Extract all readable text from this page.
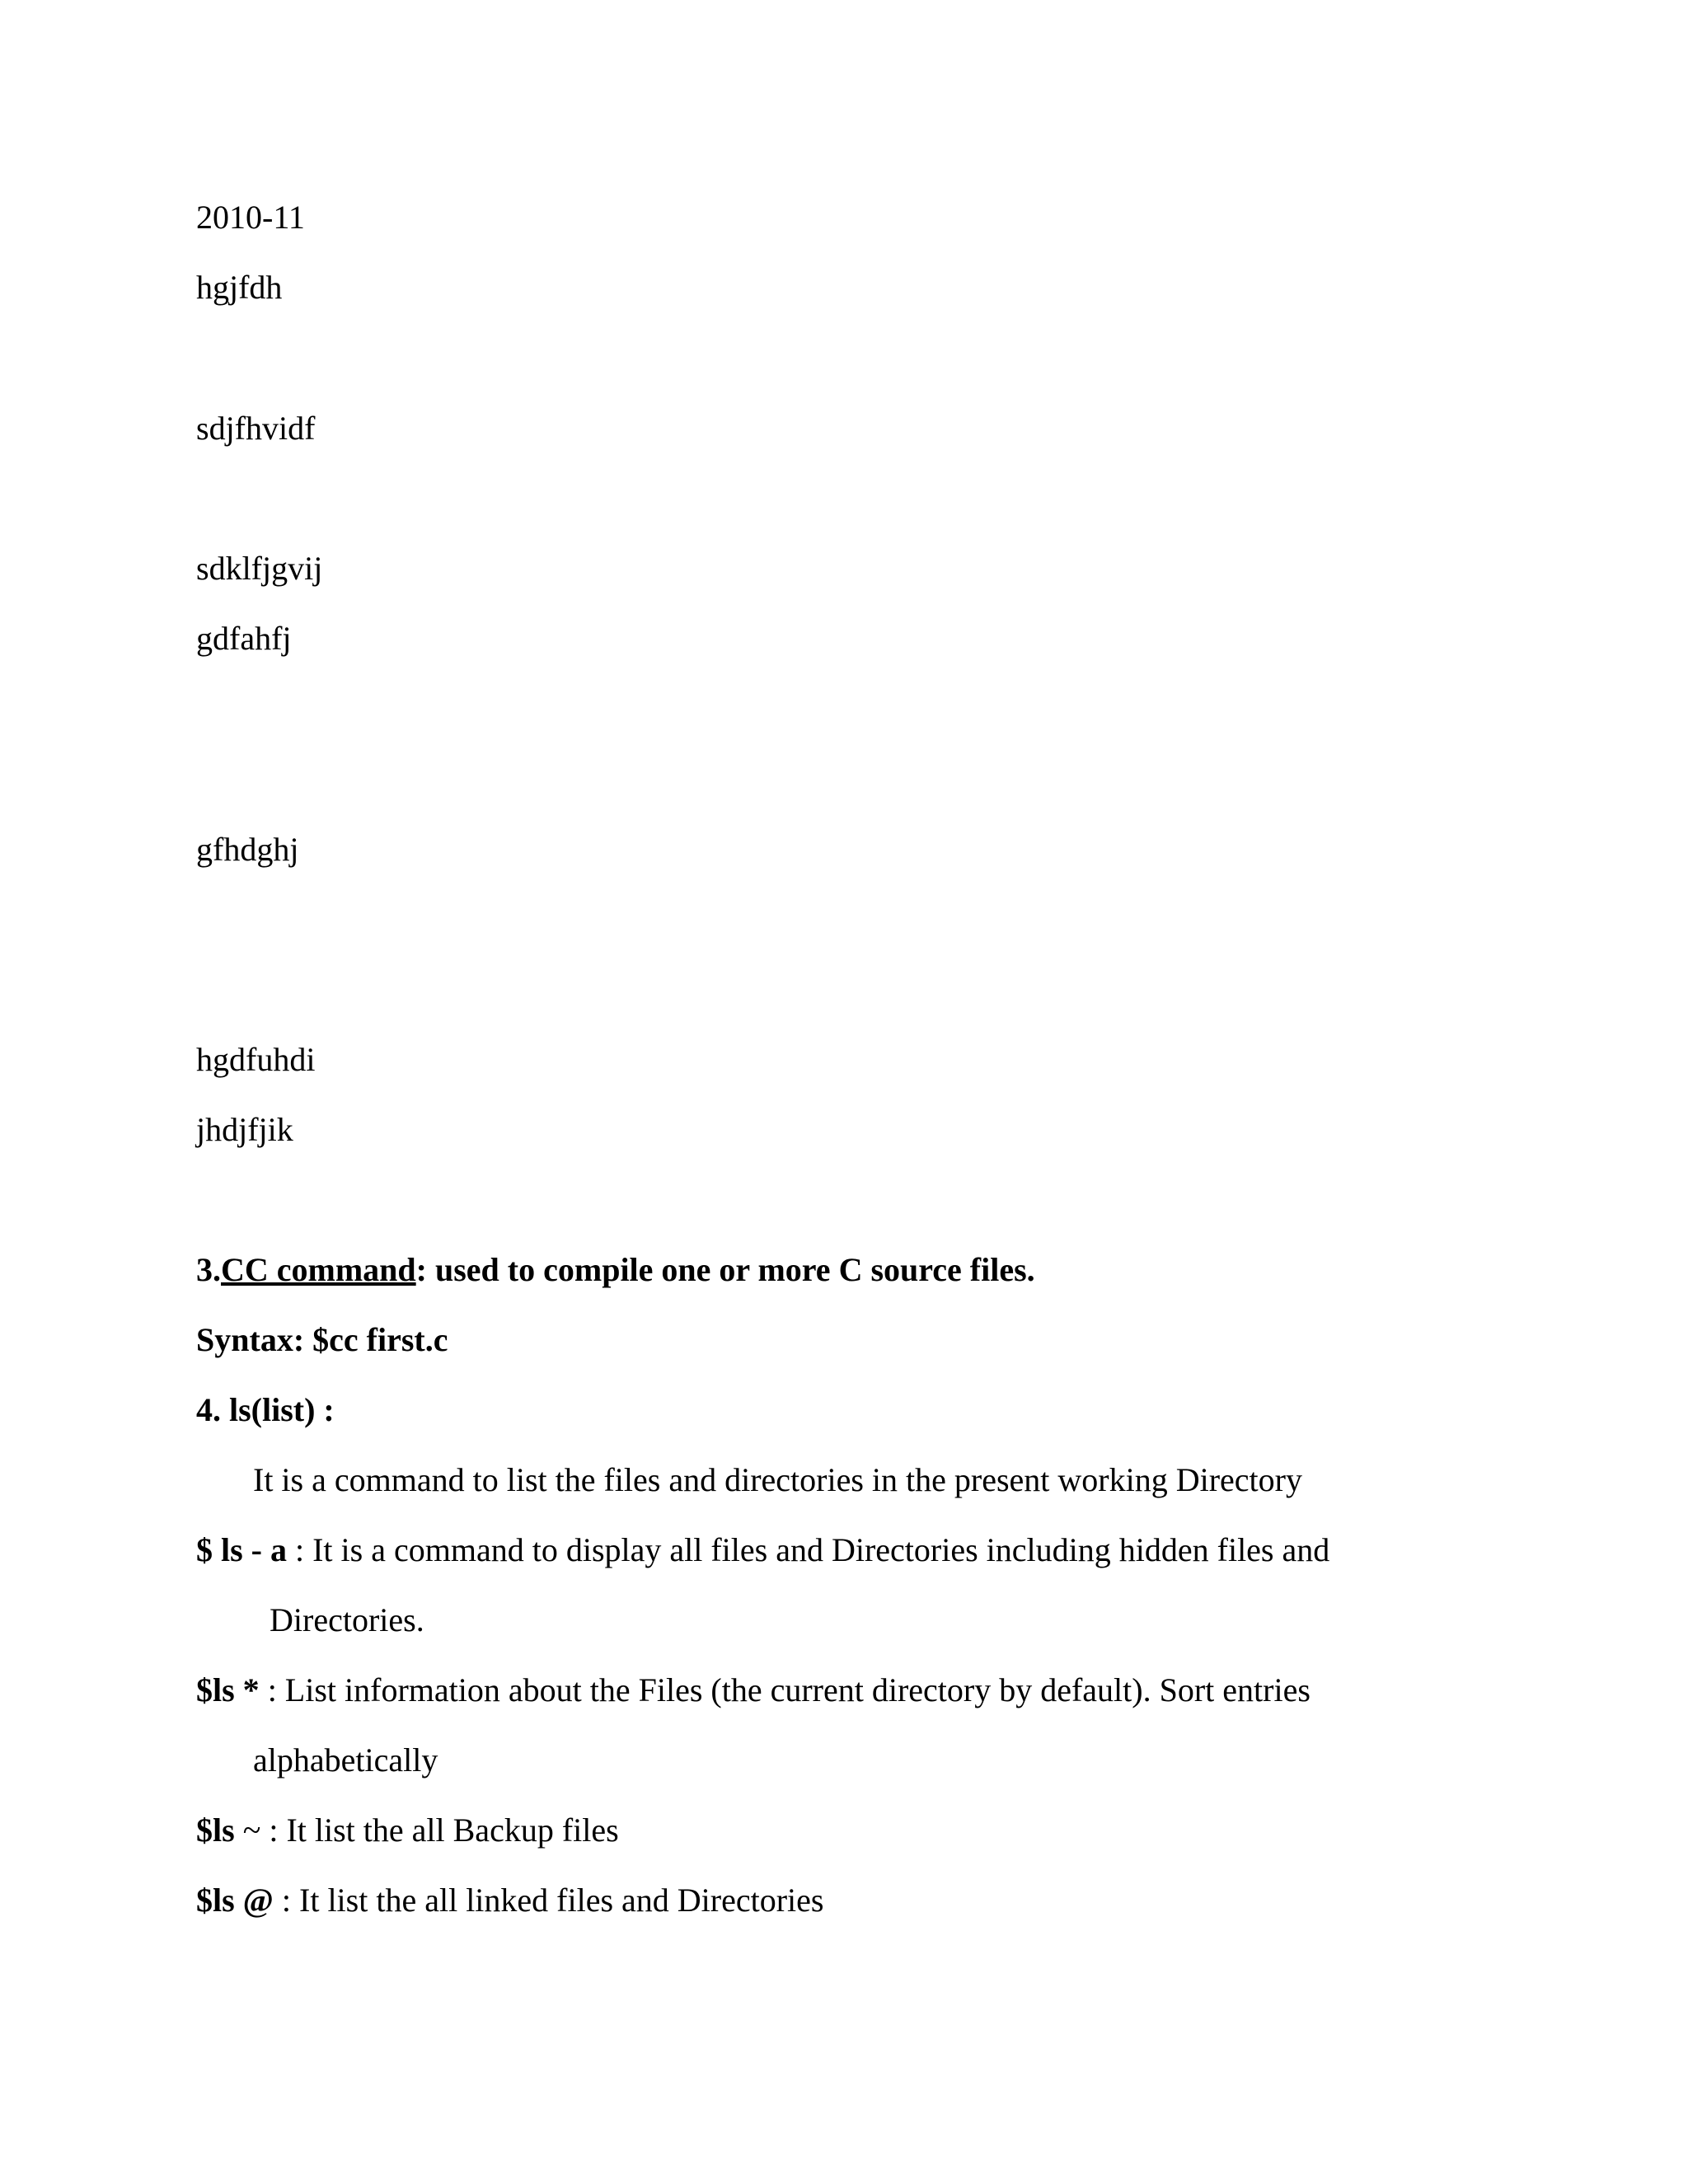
2010-11
hgjfdh
sdjfhvidf
sdklfjgvij
gdfahfj
gfhdghj
hgdfuhdi
jhdjfjik
3.CC command: used to compile one or more C source files.
Syntax: $cc first.c
4. ls(list) :
It is a command to list the files and directories in the present working Directory
$ ls - a : It is a command to display all files and Directories including hidden files and
Directories.
$ls * : List information about the Files (the current directory by default). Sort entries
alphabetically
$ls ~ : It list the all Backup files
$ls @ : It list the all linked files and Directories
